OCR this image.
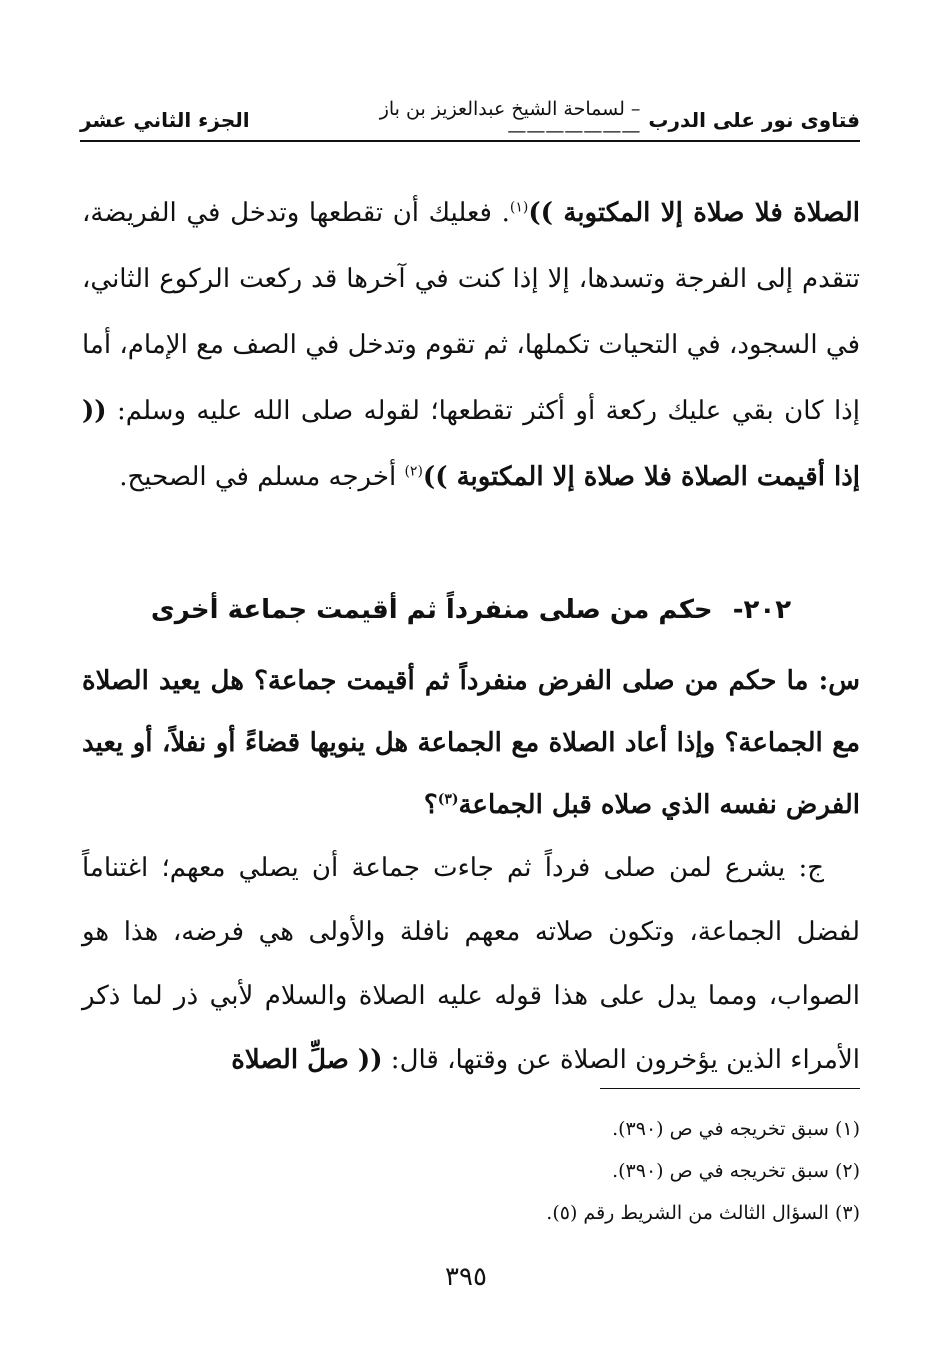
فتاوى نور على الدرب
– لسماحة الشيخ عبدالعزيز بن باز ———————
الجزء الثاني عشر
الصلاة فلا صلاة إلا المكتوبة ))$^{(١)}$. فعليك أن تقطعها وتدخل في الفريضة، تتقدم إلى الفرجة وتسدها، إلا إذا كنت في آخرها قد ركعت الركوع الثاني، في السجود، في التحيات تكملها، ثم تقوم وتدخل في الصف مع الإمام، أما إذا كان بقي عليك ركعة أو أكثر تقطعها؛ لقوله صلى الله عليه وسلم: (( إذا أقيمت الصلاة فلا صلاة إلا المكتوبة ))$^{(٢)}$ أخرجه مسلم في الصحيح.
٢٠٢-حكم من صلى منفرداً ثم أقيمت جماعة أخرى
س: ما حكم من صلى الفرض منفرداً ثم أقيمت جماعة؟ هل يعيد الصلاة مع الجماعة؟ وإذا أعاد الصلاة مع الجماعة هل ينويها قضاءً أو نفلاً، أو يعيد الفرض نفسه الذي صلاه قبل الجماعة$^{(٣)}$؟
ج: يشرع لمن صلى فرداً ثم جاءت جماعة أن يصلي معهم؛ اغتناماً لفضل الجماعة، وتكون صلاته معهم نافلة والأولى هي فرضه، هذا هو الصواب، ومما يدل على هذا قوله عليه الصلاة والسلام لأبي ذر لما ذكر الأمراء الذين يؤخرون الصلاة عن وقتها، قال: (( صلِّ الصلاة
(١) سبق تخريجه في ص (٣٩٠).
(٢) سبق تخريجه في ص (٣٩٠).
(٣) السؤال الثالث من الشريط رقم (٥).
٣٩٥
